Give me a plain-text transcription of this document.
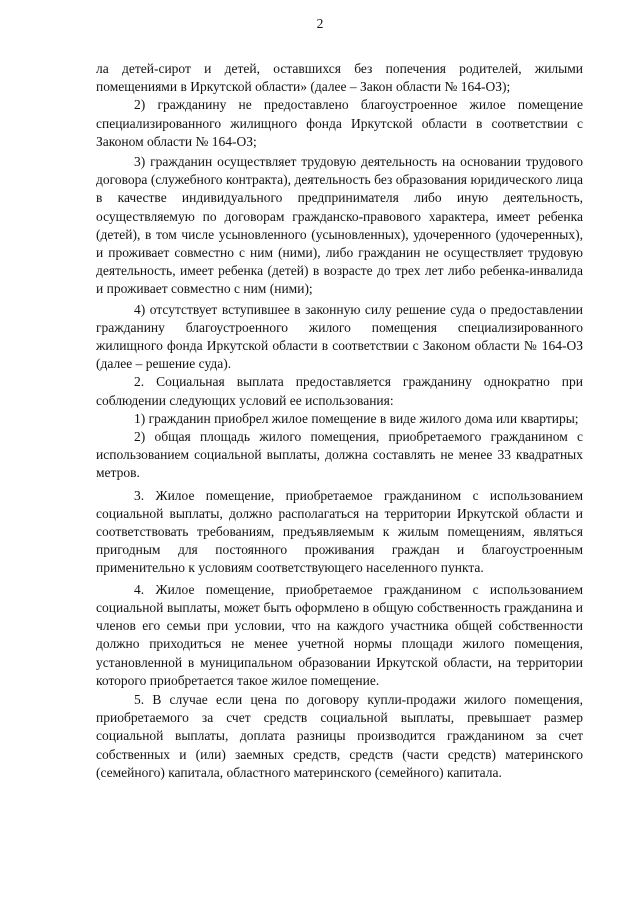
2

ла детей-сирот и детей, оставшихся без попечения родителей, жилыми помещениями в Иркутской области» (далее – Закон области № 164-ОЗ);

2) гражданину не предоставлено благоустроенное жилое помещение специализированного жилищного фонда Иркутской области в соответствии с Законом области № 164-ОЗ;

3) гражданин осуществляет трудовую деятельность на основании трудового договора (служебного контракта), деятельность без образования юридического лица в качестве индивидуального предпринимателя либо иную деятельность, осуществляемую по договорам гражданско-правового характера, имеет ребенка (детей), в том числе усыновленного (усыновленных), удочеренного (удочеренных), и проживает совместно с ним (ними), либо гражданин не осуществляет трудовую деятельность, имеет ребенка (детей) в возрасте до трех лет либо ребенка-инвалида и проживает совместно с ним (ними);

4) отсутствует вступившее в законную силу решение суда о предоставлении гражданину благоустроенного жилого помещения специализированного жилищного фонда Иркутской области в соответствии с Законом области № 164-ОЗ (далее – решение суда).

2. Социальная выплата предоставляется гражданину однократно при соблюдении следующих условий ее использования:

1) гражданин приобрел жилое помещение в виде жилого дома или квартиры;

2) общая площадь жилого помещения, приобретаемого гражданином с использованием социальной выплаты, должна составлять не менее 33 квадратных метров.

3. Жилое помещение, приобретаемое гражданином с использованием социальной выплаты, должно располагаться на территории Иркутской области и соответствовать требованиям, предъявляемым к жилым помещениям, являться пригодным для постоянного проживания граждан и благоустроенным применительно к условиям соответствующего населенного пункта.

4. Жилое помещение, приобретаемое гражданином с использованием социальной выплаты, может быть оформлено в общую собственность гражданина и членов его семьи при условии, что на каждого участника общей собственности должно приходиться не менее учетной нормы площади жилого помещения, установленной в муниципальном образовании Иркутской области, на территории которого приобретается такое жилое помещение.

5. В случае если цена по договору купли-продажи жилого помещения, приобретаемого за счет средств социальной выплаты, превышает размер социальной выплаты, доплата разницы производится гражданином за счет собственных и (или) заемных средств, средств (части средств) материнского (семейного) капитала, областного материнского (семейного) капитала.
